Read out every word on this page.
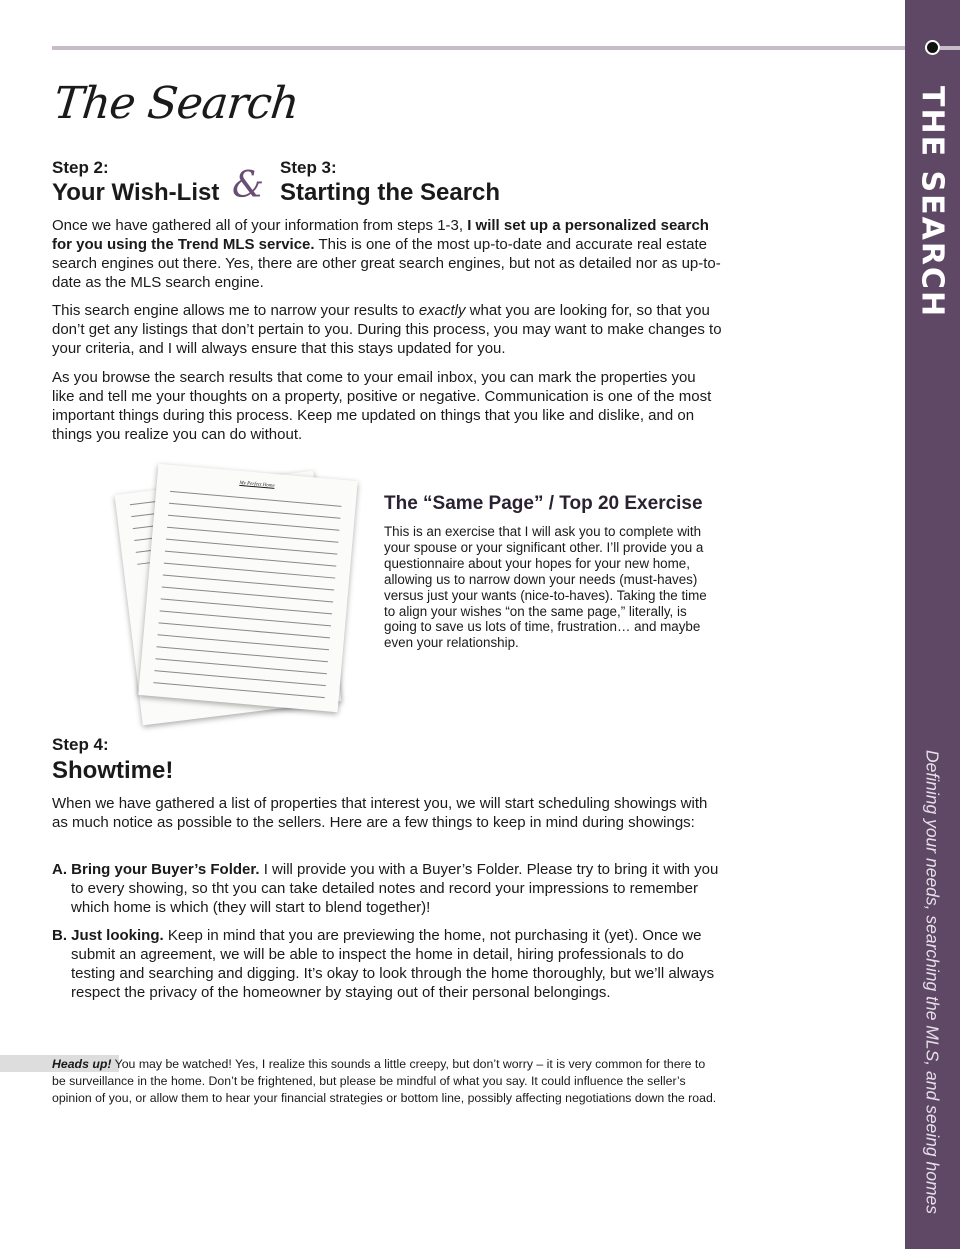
THE SEARCH
Defining your needs, searching the MLS, and seeing homes
The Search
Step 2:
Your Wish-List & Step 3:
Starting the Search
Once we have gathered all of your information from steps 1-3, I will set up a personalized search for you using the Trend MLS service. This is one of the most up-to-date and accurate real estate search engines out there. Yes, there are other great search engines, but not as detailed nor as up-to-date as the MLS search engine.
This search engine allows me to narrow your results to exactly what you are looking for, so that you don’t get any listings that don’t pertain to you. During this process, you may want to make changes to your criteria, and I will always ensure that this stays updated for you.
As you browse the search results that come to your email inbox, you can mark the properties you like and tell me your thoughts on a property, positive or negative. Communication is one of the most important things during this process. Keep me updated on things that you like and dislike, and on things you realize you can do without.
My Perfect Home
The “Same Page” / Top 20 Exercise
This is an exercise that I will ask you to complete with your spouse or your significant other. I’ll provide you a questionnaire about your hopes for your new home, allowing us to narrow down your needs (must-haves) versus just your wants (nice-to-haves). Taking the time to align your wishes “on the same page,” literally, is going to save us lots of time, frustration… and maybe even your relationship.
Step 4:
Showtime!
When we have gathered a list of properties that interest you, we will start scheduling showings with as much notice as possible to the sellers. Here are a few things to keep in mind during showings:
A. Bring your Buyer’s Folder. I will provide you with a Buyer’s Folder. Please try to bring it with you to every showing, so tht you can take detailed notes and record your impressions to remember which home is which (they will start to blend together)!
B. Just looking. Keep in mind that you are previewing the home, not purchasing it (yet). Once we submit an agreement, we will be able to inspect the home in detail, hiring professionals to do testing and searching and digging. It’s okay to look through the home thoroughly, but we’ll always respect the privacy of the homeowner by staying out of their personal belongings.
Heads up! You may be watched! Yes, I realize this sounds a little creepy, but don’t worry – it is very common for there to be surveillance in the home. Don’t be frightened, but please be mindful of what you say. It could influence the seller’s opinion of you, or allow them to hear your financial strategies or bottom line, possibly affecting negotiations down the road.
